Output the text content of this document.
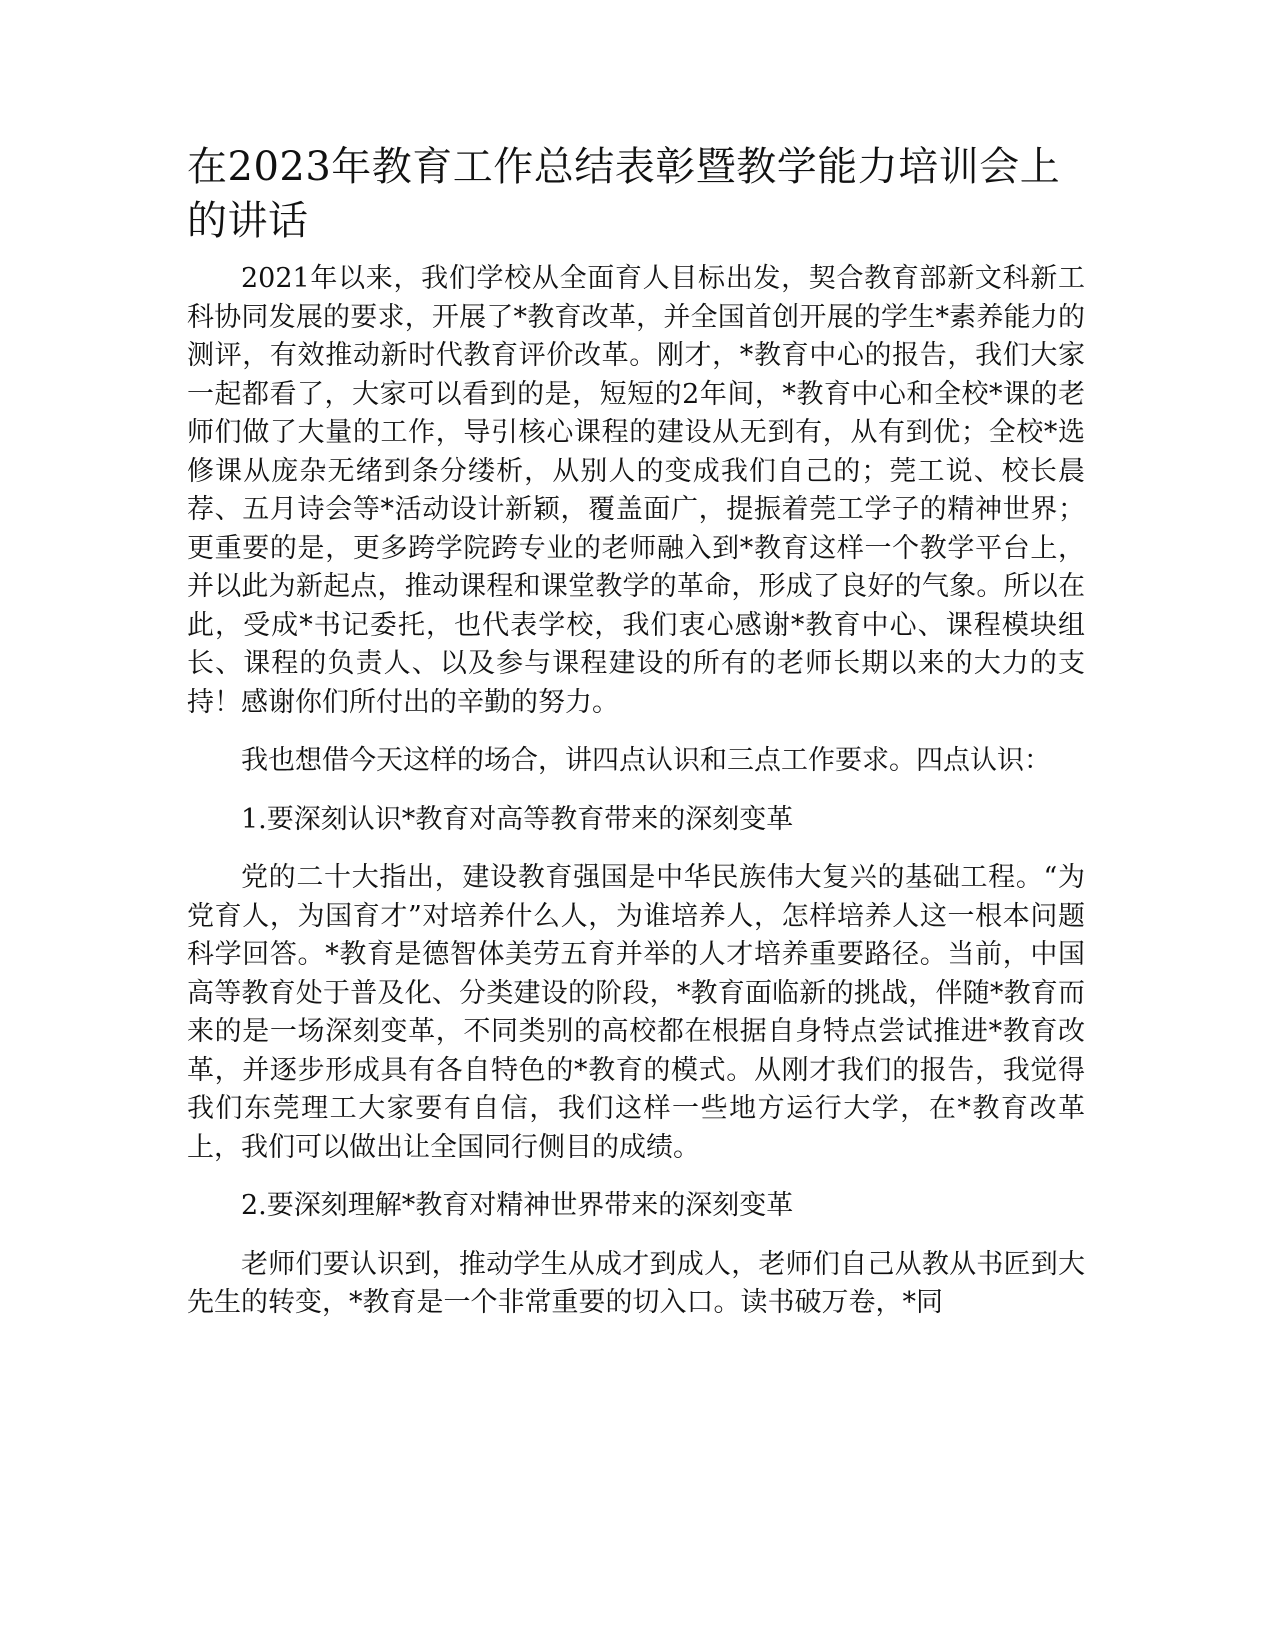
在2023年教育工作总结表彰暨教学能力培训会上的讲话

2021年以来，我们学校从全面育人目标出发，契合教育部新文科新工科协同发展的要求，开展了*教育改革，并全国首创开展的学生*素养能力的测评，有效推动新时代教育评价改革。刚才，*教育中心的报告，我们大家一起都看了，大家可以看到的是，短短的2年间，*教育中心和全校*课的老师们做了大量的工作，导引核心课程的建设从无到有，从有到优；全校*选修课从庞杂无绪到条分缕析，从别人的变成我们自己的；莞工说、校长晨荐、五月诗会等*活动设计新颖，覆盖面广，提振着莞工学子的精神世界；更重要的是，更多跨学院跨专业的老师融入到*教育这样一个教学平台上，并以此为新起点，推动课程和课堂教学的革命，形成了良好的气象。所以在此，受成*书记委托，也代表学校，我们衷心感谢*教育中心、课程模块组长、课程的负责人、以及参与课程建设的所有的老师长期以来的大力的支持！感谢你们所付出的辛勤的努力。

我也想借今天这样的场合，讲四点认识和三点工作要求。四点认识：

1.要深刻认识*教育对高等教育带来的深刻变革

党的二十大指出，建设教育强国是中华民族伟大复兴的基础工程。“为党育人，为国育才”对培养什么人，为谁培养人，怎样培养人这一根本问题科学回答。*教育是德智体美劳五育并举的人才培养重要路径。当前，中国高等教育处于普及化、分类建设的阶段，*教育面临新的挑战，伴随*教育而来的是一场深刻变革，不同类别的高校都在根据自身特点尝试推进*教育改革，并逐步形成具有各自特色的*教育的模式。从刚才我们的报告，我觉得我们东莞理工大家要有自信，我们这样一些地方运行大学，在*教育改革上，我们可以做出让全国同行侧目的成绩。

2.要深刻理解*教育对精神世界带来的深刻变革

老师们要认识到，推动学生从成才到成人，老师们自己从教从书匠到大先生的转变，*教育是一个非常重要的切入口。读书破万卷，*同
